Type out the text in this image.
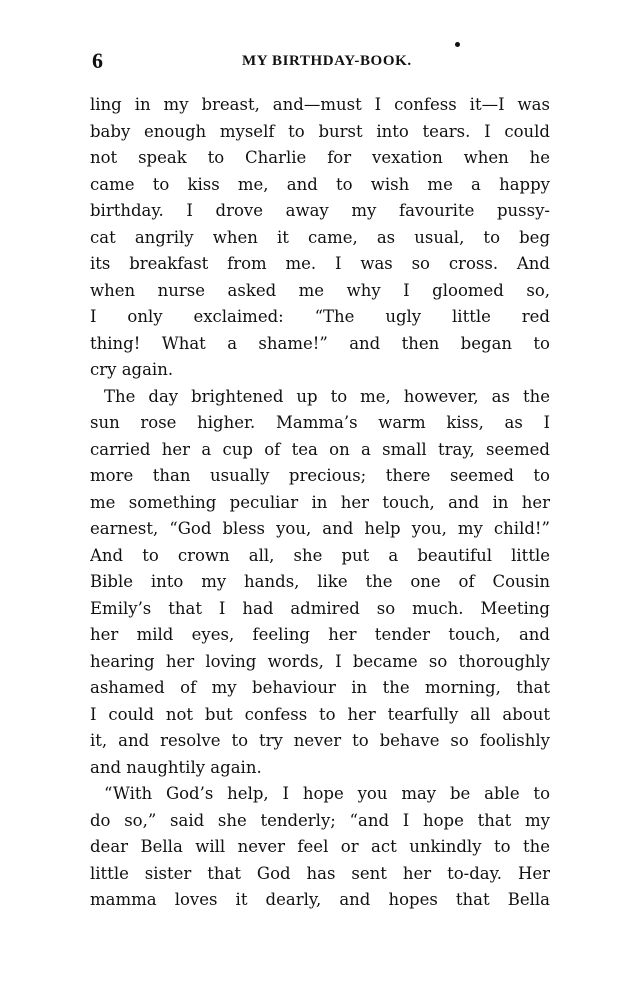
6	MY BIRTHDAY-BOOK.
ling in my breast, and—must I confess it—I was
baby enough myself to burst into tears. I could
not speak to Charlie for vexation when he
came to kiss me, and to wish me a happy
birthday. I drove away my favourite pussy-
cat angrily when it came, as usual, to beg
its breakfast from me. I was so cross. And
when nurse asked me why I gloomed so,
I only exclaimed: “The ugly little red
thing! What a shame!” and then began to
cry again.
The day brightened up to me, however, as the
sun rose higher. Mamma’s warm kiss, as I
carried her a cup of tea on a small tray, seemed
more than usually precious; there seemed to
me something peculiar in her touch, and in her
earnest, “God bless you, and help you, my child!”
And to crown all, she put a beautiful little
Bible into my hands, like the one of Cousin
Emily’s that I had admired so much. Meeting
her mild eyes, feeling her tender touch, and
hearing her loving words, I became so thoroughly
ashamed of my behaviour in the morning, that
I could not but confess to her tearfully all about
it, and resolve to try never to behave so foolishly
and naughtily again.
“With God’s help, I hope you may be able to
do so,” said she tenderly; “and I hope that my
dear Bella will never feel or act unkindly to the
little sister that God has sent her to-day. Her
mamma loves it dearly, and hopes that Bella
